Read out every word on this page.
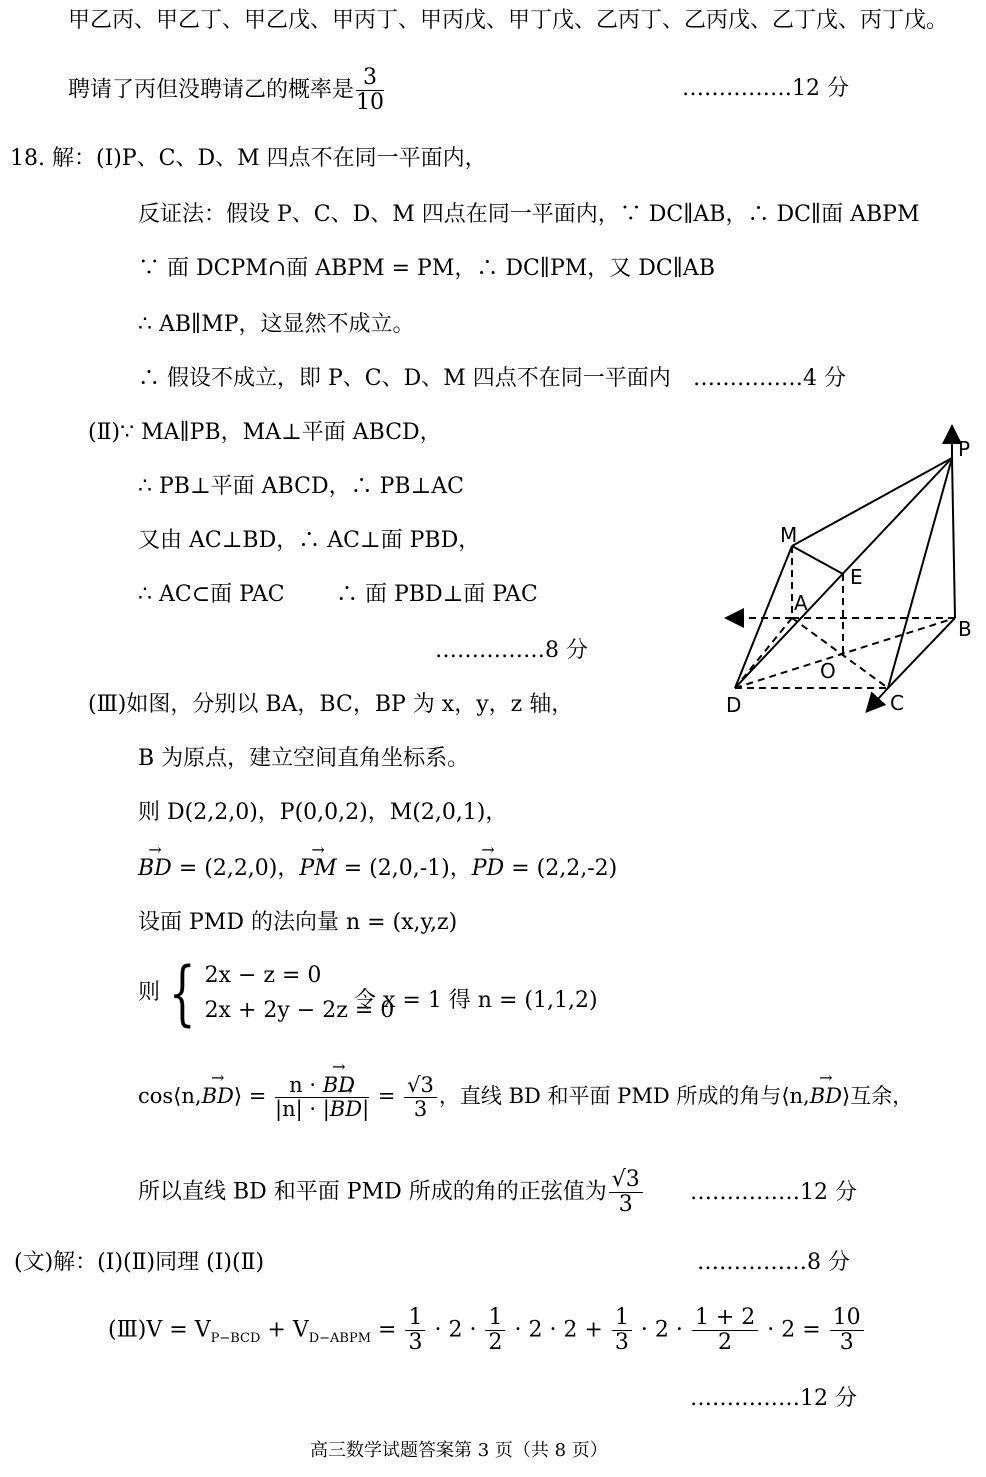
甲乙丙、甲乙丁、甲乙戊、甲丙丁、甲丙戊、甲丁戊、乙丙丁、乙丙戊、乙丁戊、丙丁戊。
聘请了丙但没聘请乙的概率是 $\frac{3}{10}$	……………12 分
18. 解：(Ⅰ)P、C、D、M 四点不在同一平面内，
反证法：假设 P、C、D、M 四点在同一平面内，∵ DC∥AB，∴ DC∥面 ABPM
∵ 面 DCPM∩面 ABPM = PM，∴ DC∥PM，又 DC∥AB
∴ AB∥MP，这显然不成立。
∴ 假设不成立，即 P、C、D、M 四点不在同一平面内 ……………4 分
(Ⅱ)∵ MA∥PB，MA⊥平面 ABCD，
∴ PB⊥平面 ABCD，∴ PB⊥AC
又由 AC⊥BD，∴ AC⊥面 PBD，
∴ AC⊂面 PAC ∴ 面 PBD⊥面 PAC
……………8 分
P
M
E
A
B
O
D	C
(Ⅲ)如图，分别以 BA，BC，BP 为 x，y，z 轴，
B 为原点，建立空间直角坐标系。
则 D(2,2,0)，P(0,0,2)，M(2,0,1)，
→ BD = (2,2,0)，→ PM = (2,0,-1)，→ PD = (2,2,-2)
设面 PMD 的法向量 n = (x,y,z)
则 { 2x − z = 0
2x + 2y − 2z = 0
令 x = 1 得 n = (1,1,2)
cos⟨n,→ BD⟩ = $\frac{n \cdot \to BD}{|n| \cdot |\to BD|} = \frac{√3}{3}$ ，直线 BD 和平面 PMD 所成的角与⟨n,→ BD⟩互余，
所以直线 BD 和平面 PMD 所成的角的正弦值为 $\frac{√3}{3}$ ……………12 分
(文)解：(Ⅰ)(Ⅱ)同理 (Ⅰ)(Ⅱ)	……………8 分
(Ⅲ)V = $V_{P-BCD} + V_{D-ABPM} = \frac{1}{3} \cdot 2 \cdot \frac{1}{2} \cdot 2 \cdot 2 + \frac{1}{3} \cdot 2 \cdot \frac{1 + 2}{2} \cdot 2 = \frac{10}{3}$
……………12 分
高三数学试题答案第 3 页（共 8 页）
